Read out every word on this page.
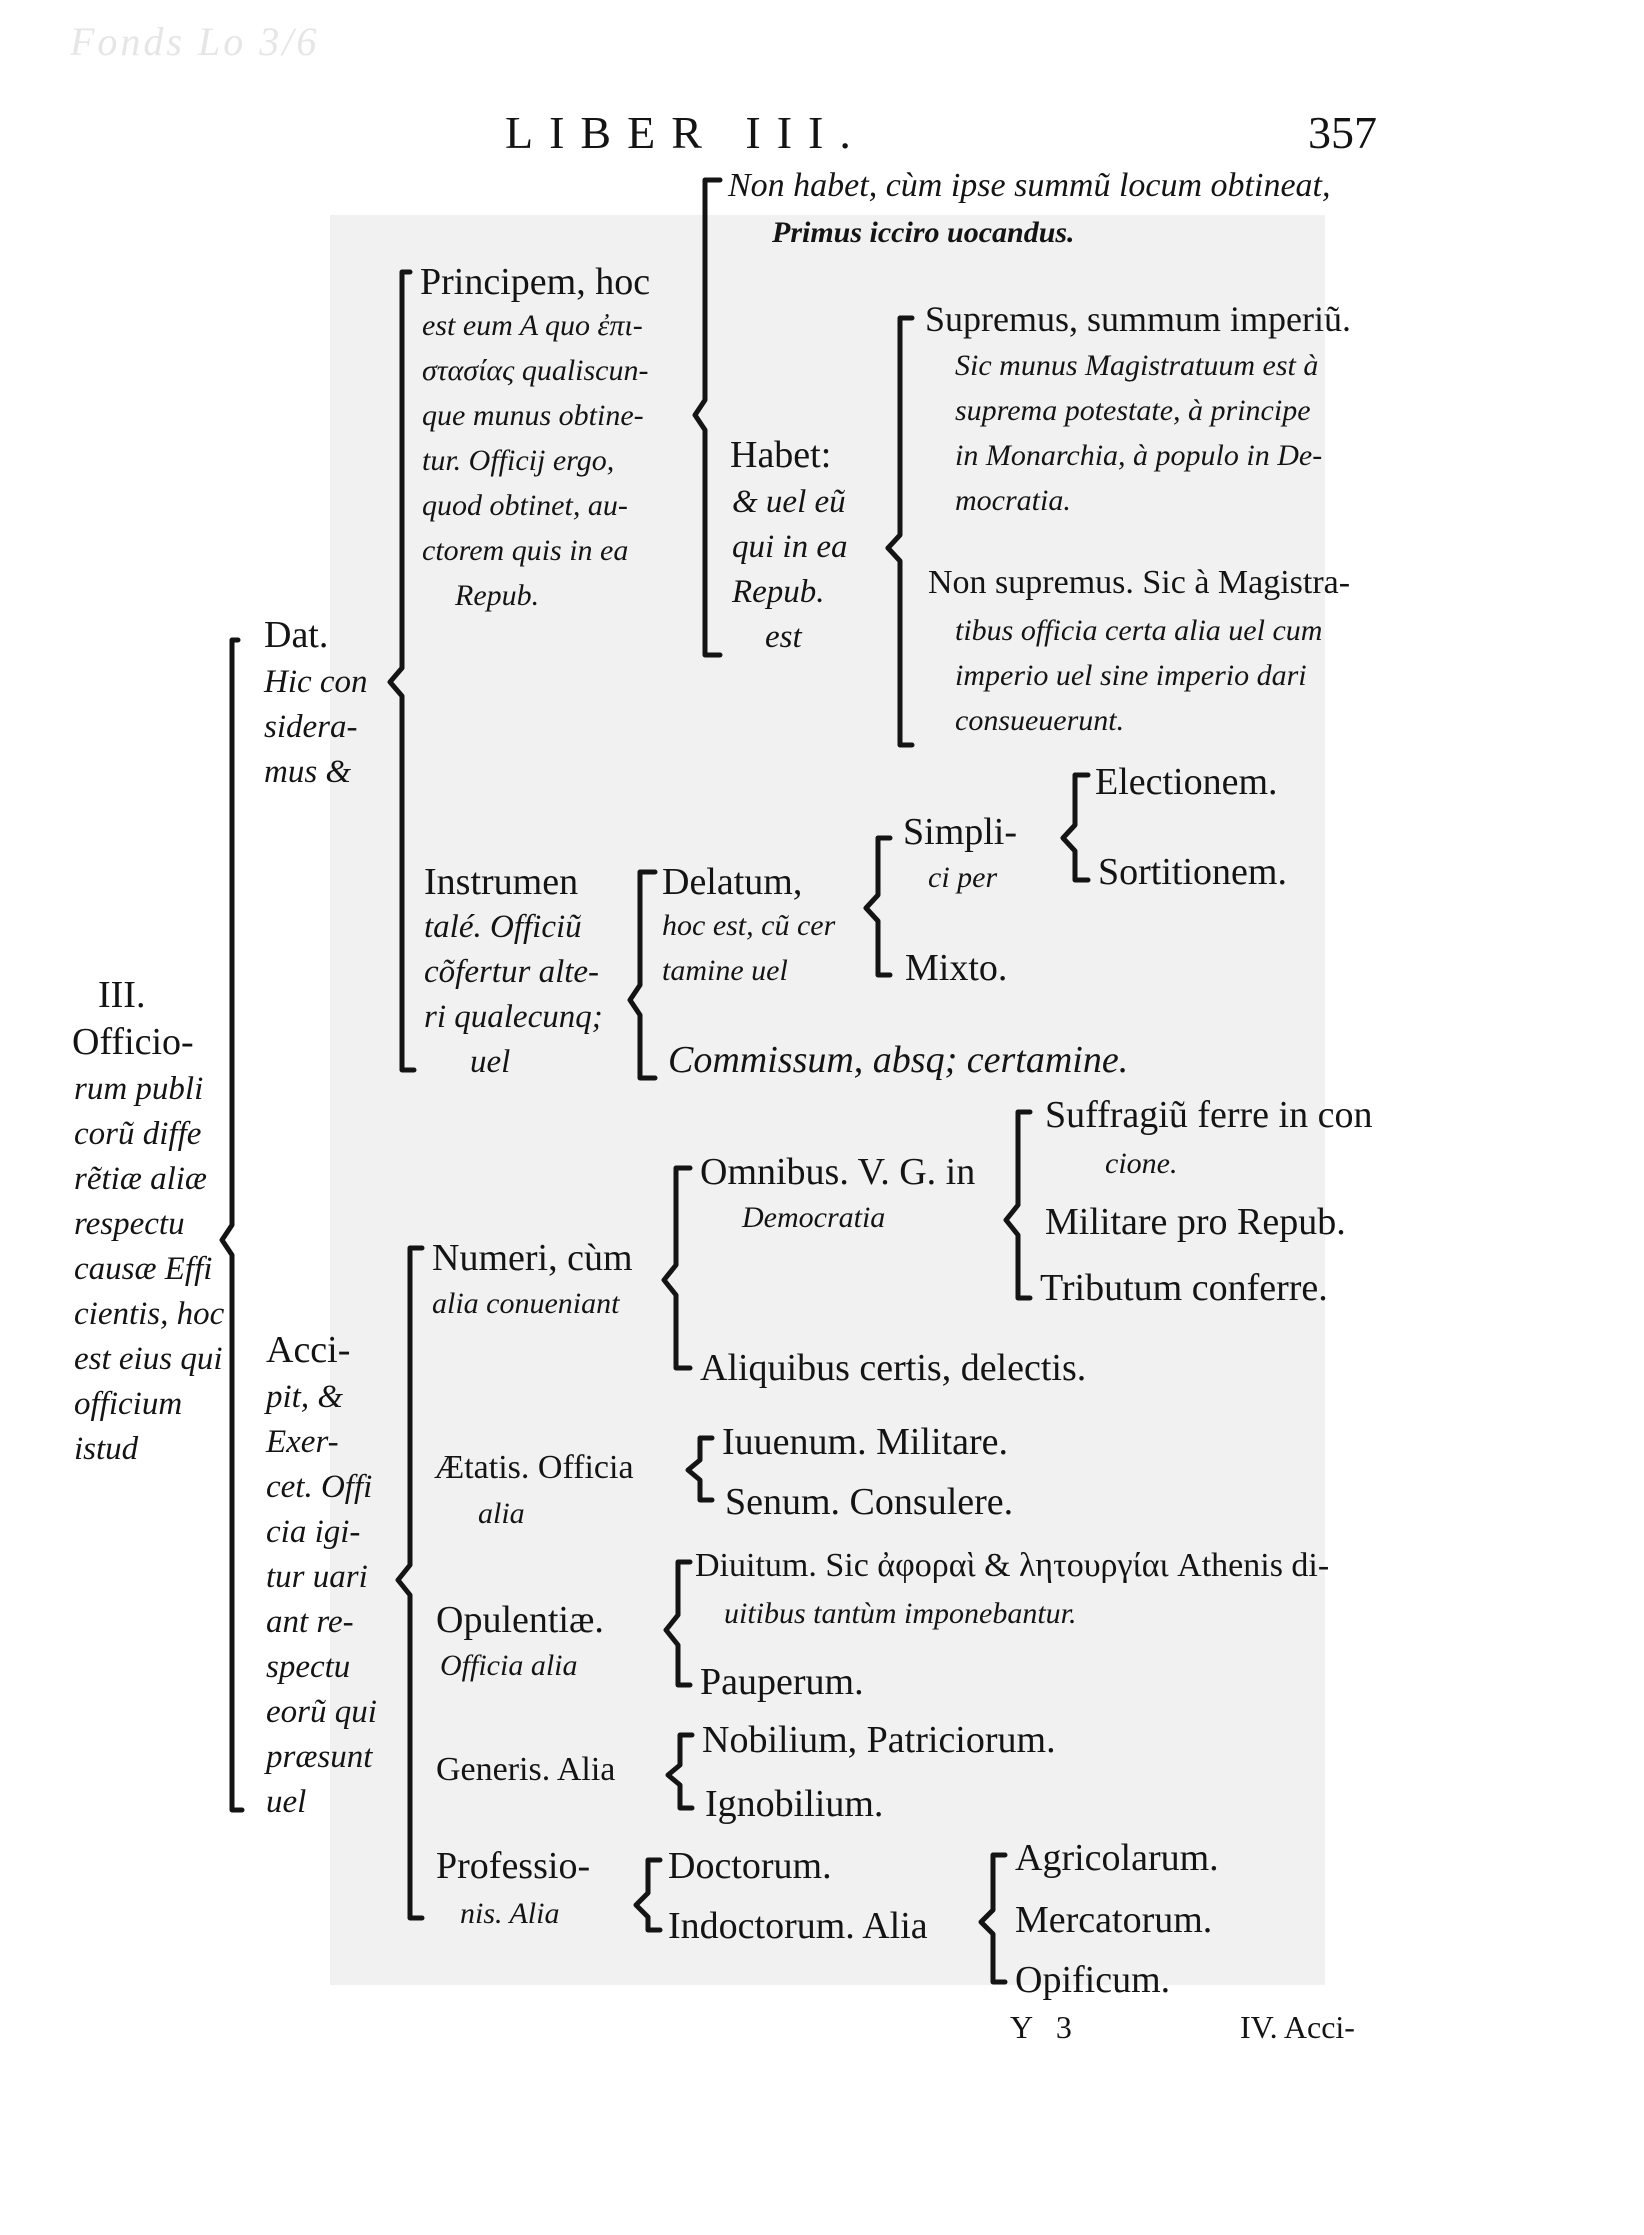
Fonds Lo 3/6
LIBER III.	357
III.
Officio-
rum publi
corũ diffe
rẽtiæ aliæ
respectu
causæ Effi
cientis, hoc
est eius qui
officium
istud
Dat.
Hic con
sidera-
mus &
Principem, hoc
est eum A quo ἐπι-
στασίας qualiscun-
que munus obtine-
tur. Officij ergo,
quod obtinet, au-
ctorem quis in ea
Repub.
Non habet, cùm ipse summũ locum obtineat,
Primus icciro uocandus.
Habet:
& uel eũ
qui in ea
Repub.
est
Supremus, summum imperiũ.
Sic munus Magistratuum est à
suprema potestate, à principe
in Monarchia, à populo in De-
mocratia.
Non supremus. Sic à Magistra-
tibus officia certa alia uel cum
imperio uel sine imperio dari
consueuerunt.
Instrumen
talé. Officiũ
cõfertur alte-
ri qualecunq;
uel
Delatum,
hoc est, cũ cer
tamine uel
Simpli-
ci per
Electionem.
Sortitionem.
Mixto.
Commissum, absq; certamine.
Acci-
pit, &
Exer-
cet. Offi
cia igi-
tur uari
ant re-
spectu
eorũ qui
præsunt
uel
Numeri, cùm
alia conueniant
Omnibus. V. G. in
Democratia
Suffragiũ ferre in con
cione.
Militare pro Repub.
Tributum conferre.
Aliquibus certis, delectis.
Ætatis. Officia
alia
Iuuenum. Militare.
Senum. Consulere.
Opulentiæ.
Officia alia
Diuitum. Sic ἀφοραὶ & λητουργίαι Athenis di-
uitibus tantùm imponebantur.
Pauperum.
Generis. Alia
Nobilium, Patriciorum.
Ignobilium.
Professio-
nis. Alia
Doctorum.
Indoctorum. Alia
Agricolarum.
Mercatorum.
Opificum.
Y 3	IV. Acci-
